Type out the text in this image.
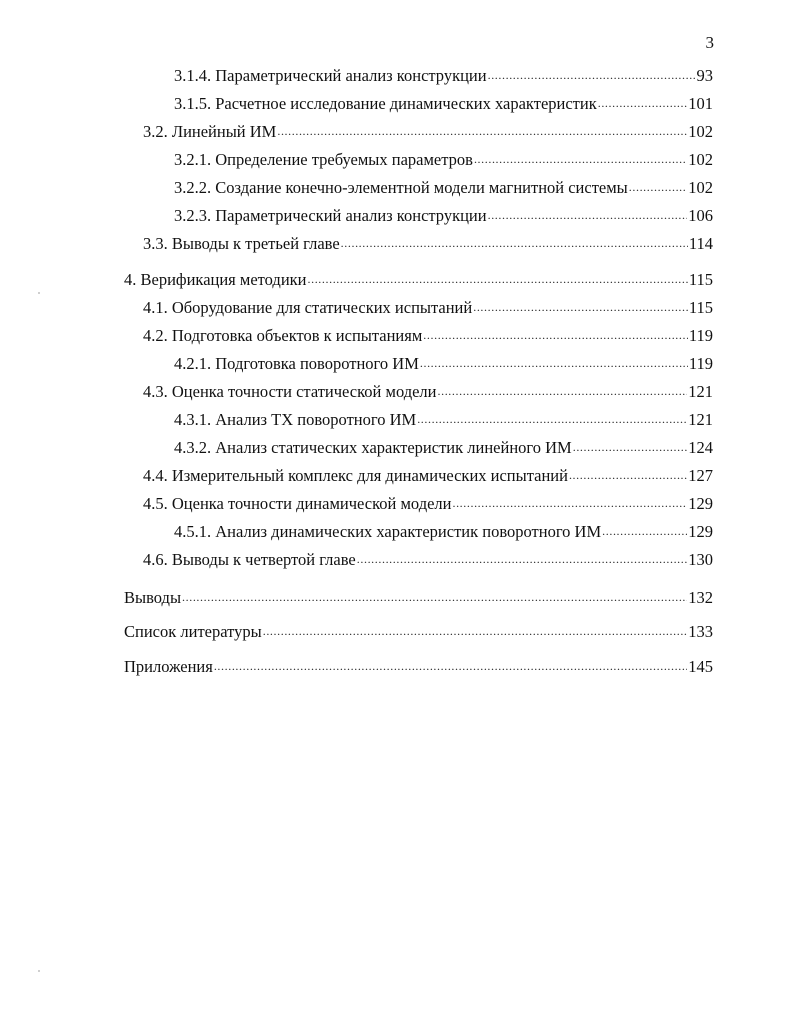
3
3.1.4. Параметрический анализ конструкции .....	93
3.1.5. Расчетное исследование динамических характеристик .....	101
3.2. Линейный ИМ .....	102
3.2.1. Определение требуемых параметров .....	102
3.2.2. Создание конечно-элементной модели магнитной системы .....	102
3.2.3. Параметрический анализ конструкции .....	106
3.3. Выводы к третьей главе .....	114
4. Верификация методики .....	115
4.1. Оборудование для статических испытаний .....	115
4.2. Подготовка объектов к испытаниям .....	119
4.2.1. Подготовка поворотного ИМ .....	119
4.3. Оценка точности статической модели .....	121
4.3.1. Анализ ТХ поворотного ИМ .....	121
4.3.2. Анализ статических характеристик линейного ИМ .....	124
4.4. Измерительный комплекс для динамических испытаний .....	127
4.5. Оценка точности динамической модели .....	129
4.5.1. Анализ динамических характеристик поворотного ИМ .....	129
4.6. Выводы к четвертой главе .....	130
Выводы .....	132
Список литературы .....	133
Приложения .....	145
